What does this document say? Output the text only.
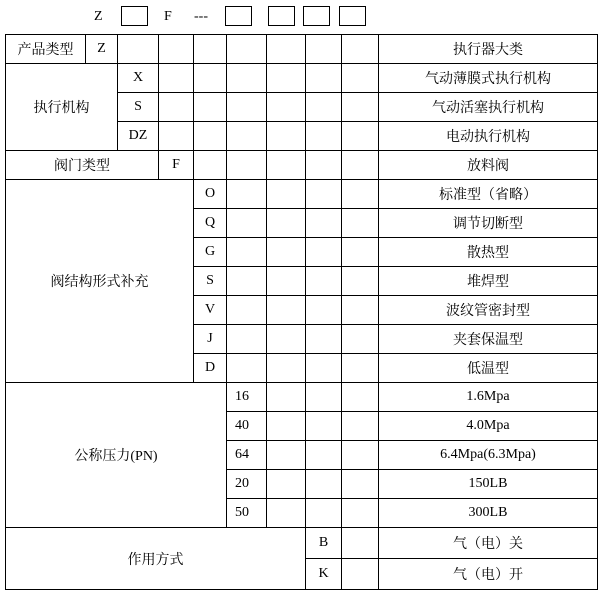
Z	F ---
产品类型	Z								执行器大类
执行机构		X							气动薄膜式执行机构
		S							气动活塞执行机构
		DZ							电动执行机构
阀门类型			F						放料阀
阀结构形式补充				O					标准型（省略）
				Q					调节切断型
				G					散热型
				S					堆焊型
				V					波纹管密封型
				J					夹套保温型
				D					低温型
公称压力(PN)					16				1.6Mpa
					40				4.0Mpa
					64				6.4Mpa(6.3Mpa)
					20				150LB
					50				300LB
作用方式							B		气（电）关
							K		气（电）开
